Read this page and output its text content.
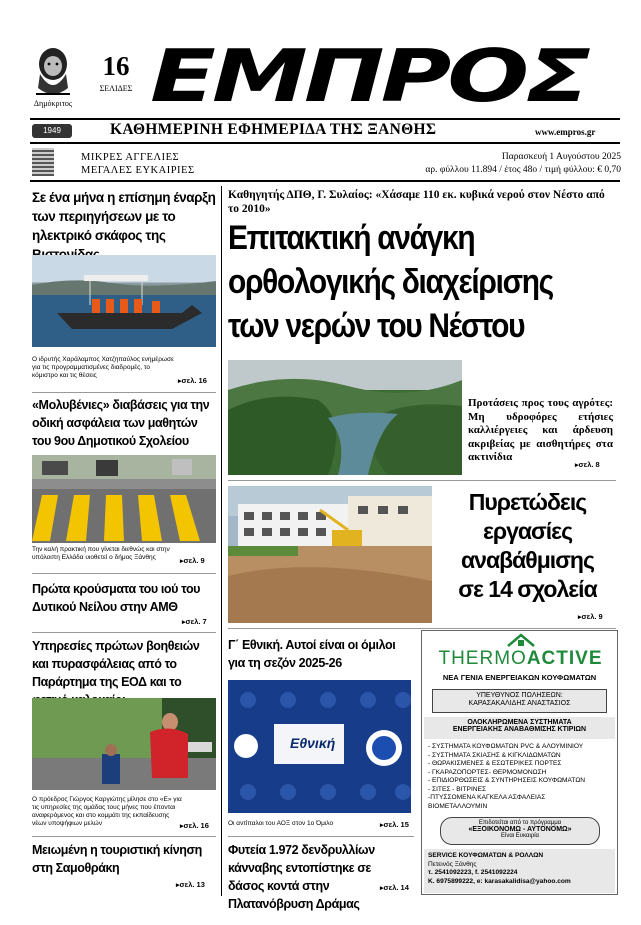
Δημόκριτος
16
ΣΕΛΙΔΕΣ ΕΜΠΡΟΣ
1949	ΚΑΘΗΜΕΡΙΝΗ ΕΦΗΜΕΡΙΔΑ ΤΗΣ ΞΑΝΘΗΣ	www.empros.gr
ΜΙΚΡΕΣ ΑΓΓΕΛΙΕΣ
ΜΕΓΑΛΕΣ ΕΥΚΑΙΡΙΕΣ
Παρασκευή 1 Αυγούστου 2025
αρ. φύλλου 11.894 / έτος 48ο / τιμή φύλλου: € 0,70
Σε ένα μήνα η επίσημη έναρξη των περιηγήσεων με το ηλεκτρικό σκάφος της
Ο ιδρυτής Χαράλαμπος Χατζηπαύλος ενημέρωσε για τις προγραμματισμένες διαδρομές, το κόμιστρο και τις θέσεις
▸ σελ. 16
«Μολυβένιες» διαβάσεις για την οδική ασφάλεια των μαθητών του 9ου Δημοτικού Σχολείου
Την καλή πρακτική που γίνεται διεθνώς και στην υπόλοιπη Ελλάδα υιοθετεί ο δήμος Ξάνθης	▸ σελ. 9
Πρώτα κρούσματα του ιού του Δυτικού Νείλου στην ΑΜΘ
▸ σελ. 7
Υπηρεσίες πρώτων βοηθειών και πυρασφάλειας από το Παράρτημα της ΕΟΔ και το
Ο πρόεδρος Γιώργος Καργιώτης μίλησε στο «Ε» για τις υπηρεσίες της ομάδας τους μήνες που έπονται αναφερόμενος και στο κομμάτι της εκπαίδευσης νέων υποψήφιων μελών	▸ σελ. 16
Μειωμένη η τουριστική κίνηση στη Σαμοθράκη
▸ σελ. 13
Καθηγητής ΔΠΘ, Γ. Συλαίος: «Χάσαμε 110 εκ. κυβικά νερού στον Νέστο από το 2010»
Επιτακτική ανάγκη
ορθολογικής διαχείρισης
των νερών του Νέστου
Προτάσεις προς τους αγρότες: Μη υδροφόρες ετήσιες καλλιέργειες και άρδευση ακριβείας με αισθητήρες στα ακτινίδια
▸ σελ. 8
Πυρετώδεις
εργασίες
αναβάθμισης
σε 14 σχολεία
▸ σελ. 9
Γ΄ Εθνική. Αυτοί είναι οι όμιλοι για τη σεζόν 2025-26
Εθνική
Οι αντίπαλοι του ΑΟΞ στον 1ο Όμιλο	▸ σελ. 15
Φυτεία 1.972 δενδρυλλίων κάνναβης εντοπίστηκε σε δάσος κοντά στην Πλατανόβρυση Δράμας
▸ σελ. 14
THERMOACTIVE
ΝΕΑ ΓΕΝΙΑ ΕΝΕΡΓΕΙΑΚΩΝ ΚΟΥΦΩΜΑΤΩΝ
ΥΠΕΥΘΥΝΟΣ ΠΩΛΗΣΕΩΝ:
ΚΑΡΑΣΑΚΑΛΙΔΗΣ ΑΝΑΣΤΑΣΙΟΣ
ΟΛΟΚΛΗΡΩΜΕΝΑ ΣΥΣΤΗΜΑΤΑ
ΕΝΕΡΓΕΙΑΚΗΣ ΑΝΑΒΑΘΜΙΣΗΣ ΚΤΙΡΙΩΝ
- ΣΥΣΤΗΜΑΤΑ ΚΟΥΦΩΜΑΤΩΝ PVC & ΑΛΟΥΜΙΝΙΟΥ
- ΣΥΣΤΗΜΑΤΑ ΣΚΙΑΣΗΣ & ΚΙΓΚΛΙΔΩΜΑΤΩΝ
- ΘΩΡΑΚΙΣΜΕΝΕΣ & ΕΣΩΤΕΡΙΚΕΣ ΠΟΡΤΕΣ
- ΓΚΑΡΑΖΟΠΟΡΤΕΣ- ΘΕΡΜΟΜΟΝΩΣΗ
- ΕΠΙΔΙΟΡΘΩΣΕΙΣ & ΣΥΝΤΗΡΗΣΕΙΣ ΚΟΥΦΩΜΑΤΩΝ
- ΣΙΤΕΣ - ΒΙΤΡΙΝΕΣ
-ΠΤΥΣΣΟΜΕΝΑ ΚΑΓΚΕΛΑ ΑΣΦΑΛΕΙΑΣ
ΒΙΟΜΕΤΑΛΛΟΥΜΙΝ
Επιδοτείται από το πρόγραμμα
«ΕΞΟΙΚΟΝΟΜΩ - ΑΥΤΟΝΟΜΩ»
Είναι Ευκαιρία
SERVICE ΚΟΥΦΩΜΑΤΩΝ & ΡΟΛΛΩΝ
Πετεινός Ξάνθης
τ. 2541092223, f. 2541092224
Κ. 6975899222, e: karasakalidisa@yahoo.com
